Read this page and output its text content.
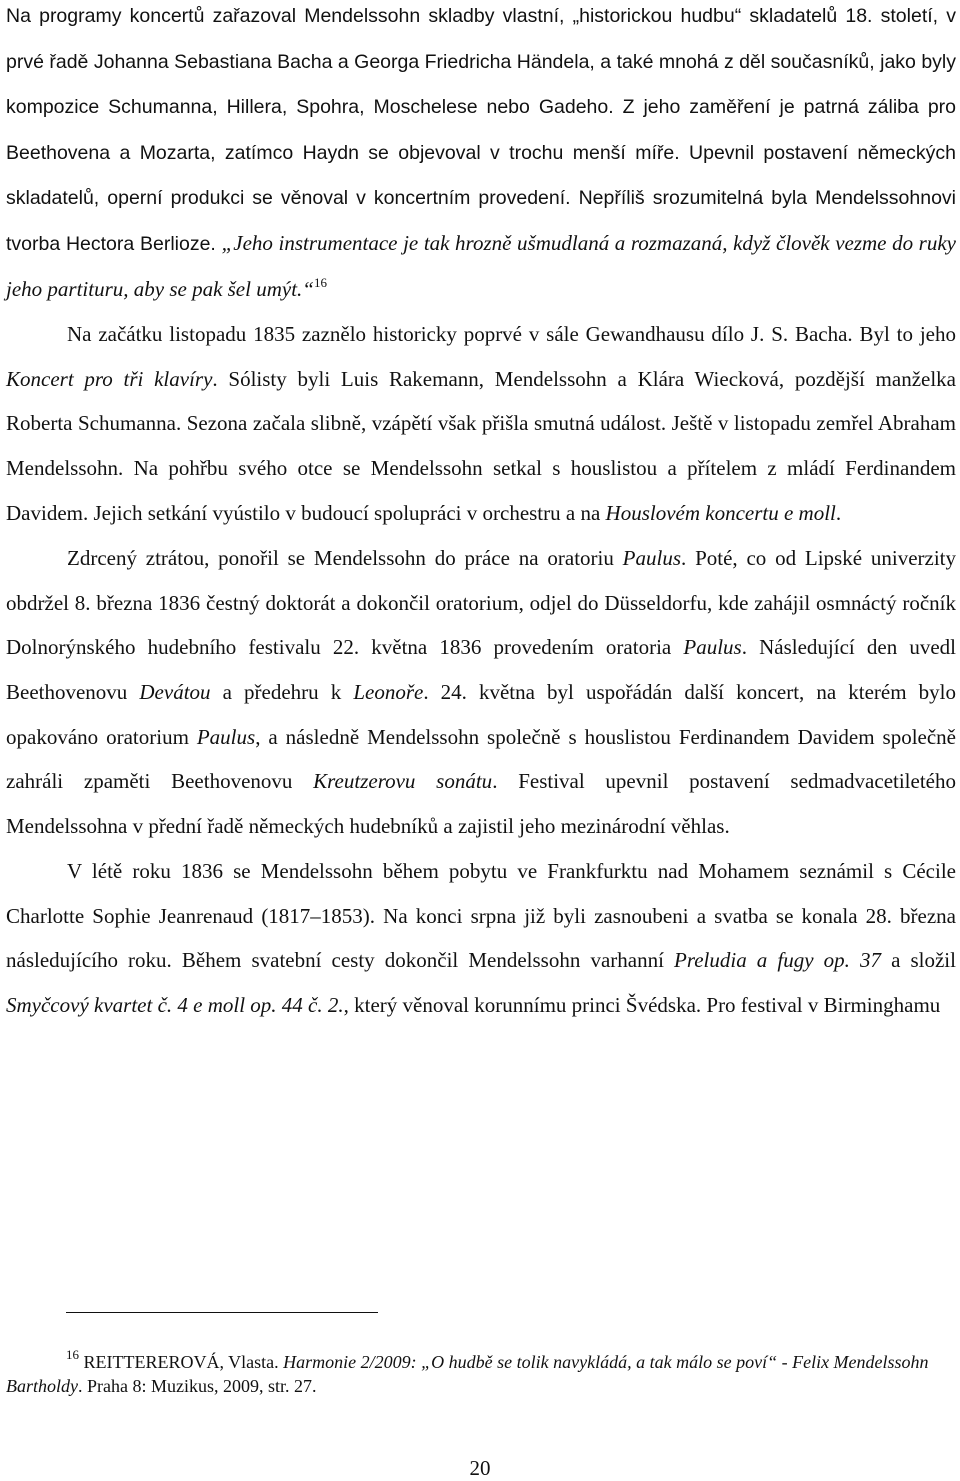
Na programy koncertů zařazoval Mendelssohn skladby vlastní, „historickou hudbu“ skladatelů 18. století, v prvé řadě Johanna Sebastiana Bacha a Georga Friedricha Händela, a také mnohá z děl současníků, jako byly kompozice Schumanna, Hillera, Spohra, Moschelese nebo Gadeho. Z jeho zaměření je patrná záliba pro Beethovena a Mozarta, zatímco Haydn se objevoval v trochu menší míře. Upevnil postavení německých skladatelů, operní produkci se věnoval v koncertním provedení. Nepříliš srozumitelná byla Mendelssohnovi tvorba Hectora Berlioze. „Jeho instrumentace je tak hrozně ušmudlaná a rozmazaná, když člověk vezme do ruky jeho partituru, aby se pak šel umýt.“$^{16}$

Na začátku listopadu 1835 zaznělo historicky poprvé v sále Gewandhausu dílo J. S. Bacha. Byl to jeho Koncert pro tři klavíry. Sólisty byli Luis Rakemann, Mendelssohn a Klára Wiecková, pozdější manželka Roberta Schumanna. Sezona začala slibně, vzápětí však přišla smutná událost. Ještě v listopadu zemřel Abraham Mendelssohn. Na pohřbu svého otce se Mendelssohn setkal s houslistou a přítelem z mládí Ferdinandem Davidem. Jejich setkání vyústilo v budoucí spolupráci v orchestru a na Houslovém koncertu e moll.

Zdrcený ztrátou, ponořil se Mendelssohn do práce na oratoriu Paulus. Poté, co od Lipské univerzity obdržel 8. března 1836 čestný doktorát a dokončil oratorium, odjel do Düsseldorfu, kde zahájil osmnáctý ročník Dolnorýnského hudebního festivalu 22. května 1836 provedením oratoria Paulus. Následující den uvedl Beethovenovu Devátou a předehru k Leonoře. 24. května byl uspořádán další koncert, na kterém bylo opakováno oratorium Paulus, a následně Mendelssohn společně s houslistou Ferdinandem Davidem společně zahráli zpaměti Beethovenovu Kreutzerovu sonátu. Festival upevnil postavení sedmadvacetiletého Mendelssohna v přední řadě německých hudebníků a zajistil jeho mezinárodní věhlas.

V létě roku 1836 se Mendelssohn během pobytu ve Frankfurktu nad Mohamem seznámil s Cécile Charlotte Sophie Jeanrenaud (1817–1853). Na konci srpna již byli zasnoubeni a svatba se konala 28. března následujícího roku. Během svatební cesty dokončil Mendelssohn varhanní Preludia a fugy op. 37 a složil Smyčcový kvartet č. 4 e moll op. 44 č. 2., který věnoval korunnímu princi Švédska. Pro festival v Birminghamu

$^{16}$ REITTEREROVÁ, Vlasta. Harmonie 2/2009: „O hudbě se tolik navykládá, a tak málo se poví“ - Felix Mendelssohn Bartholdy. Praha 8: Muzikus, 2009, str. 27.

20
